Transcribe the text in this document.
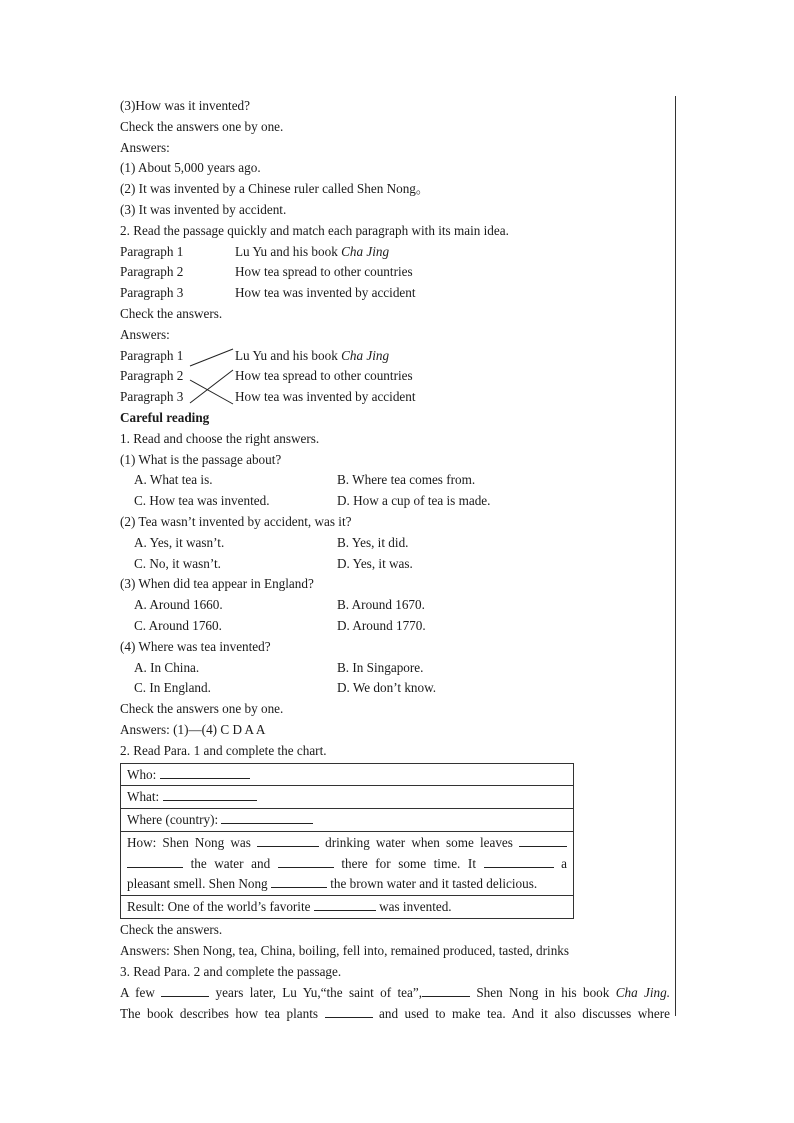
(3)How was it invented?
Check the answers one by one.
Answers:
(1) About 5,000 years ago.
(2) It was invented by a Chinese ruler called Shen Nong。
(3) It was invented by accident.
2. Read the passage quickly and match each paragraph with its main idea.
Paragraph 1	Lu Yu and his book Cha Jing
Paragraph 2	How tea spread to other countries
Paragraph 3	How tea was invented by accident
Check the answers.
Answers:
Paragraph 1	Lu Yu and his book Cha Jing
Paragraph 2	How tea spread to other countries
Paragraph 3	How tea was invented by accident
Careful reading
1. Read and choose the right answers.
(1) What is the passage about?
A. What tea is.	B. Where tea comes from.
C. How tea was invented.	D. How a cup of tea is made.
(2) Tea wasn’t invented by accident, was it?
A. Yes, it wasn’t.	B. Yes, it did.
C. No, it wasn’t.	D. Yes, it was.
(3) When did tea appear in England?
A. Around 1660.	B. Around 1670.
C. Around 1760.	D. Around 1770.
(4) Where was tea invented?
A. In China.	B. In Singapore.
C. In England.	D. We don’t know.
Check the answers one by one.
Answers: (1)—(4) C D A A
2. Read Para. 1 and complete the chart.
Who:
What:
Where (country):

How: Shen Nong was	drinking water when some leaves
the water and	there for some time. It	a
pleasant smell. Shen Nong	the brown water and it tasted delicious.

Result: One of the world’s favorite	was invented.
Check the answers.
Answers: Shen Nong, tea, China, boiling, fell into, remained produced, tasted, drinks
3. Read Para. 2 and complete the passage.
A few	years later, Lu Yu,“the saint of tea”,	Shen Nong in his book Cha Jing.
The book describes how tea plants	and used to make tea. And it also discusses where
